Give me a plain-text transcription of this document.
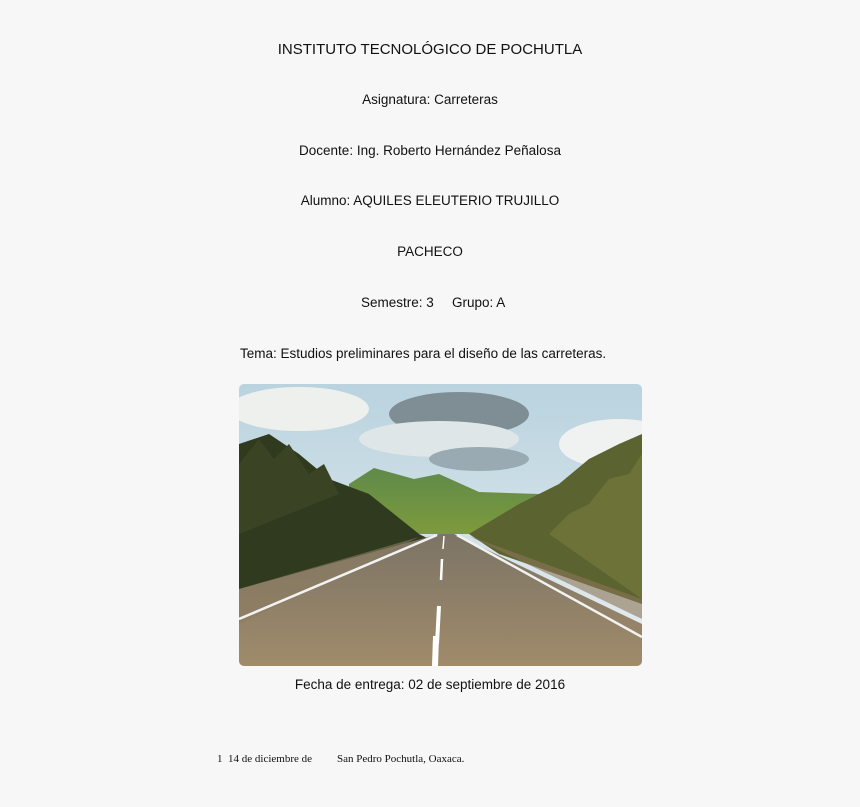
INSTITUTO TECNOLÓGICO DE POCHUTLA
Asignatura: Carreteras
Docente: Ing. Roberto Hernández Peñalosa
Alumno: AQUILES ELEUTERIO TRUJILLO
PACHECO
Semestre: 3 Grupo: A
Tema: Estudios preliminares para el diseño de las carreteras.
Fecha de entrega: 02 de septiembre de 2016
1 14 de diciembre de San Pedro Pochutla, Oaxaca.
